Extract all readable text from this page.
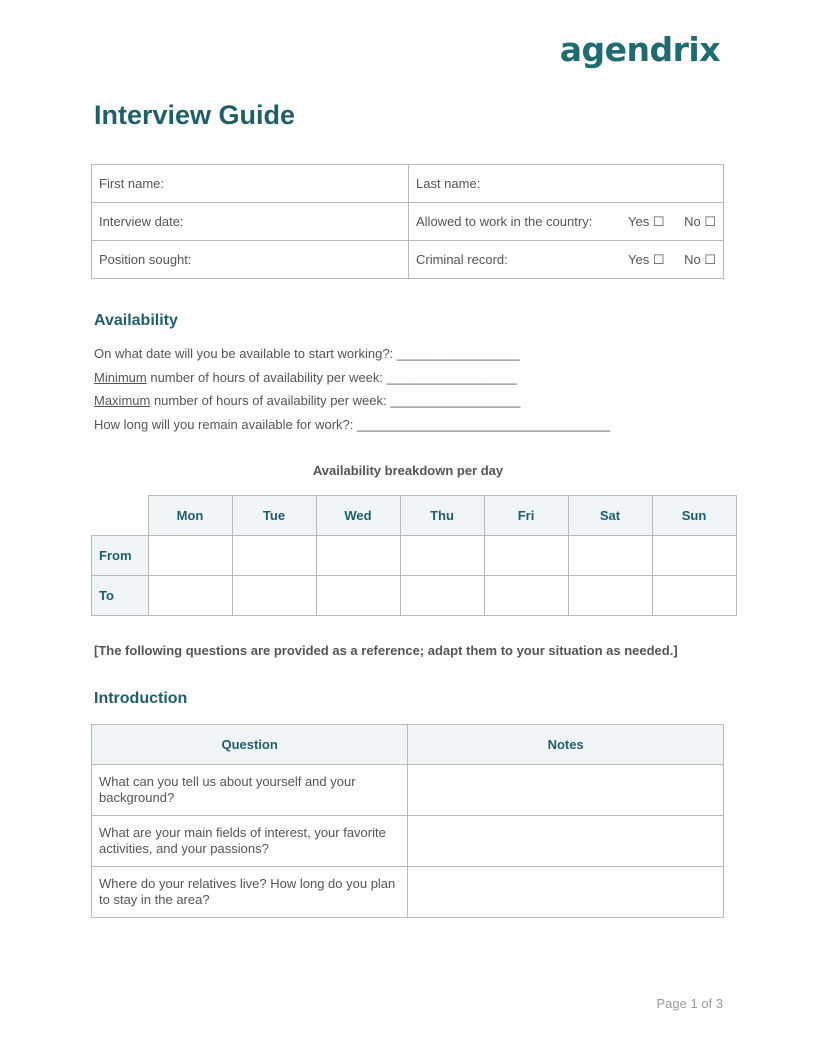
agendrix
Interview Guide
First name:	Last name:
Interview date:	Allowed to work in the country: Yes ☐ No ☐

Position sought:	Criminal record: Yes ☐ No ☐
Availability
On what date will you be available to start working?: _________________
Minimum number of hours of availability per week: __________________
Maximum number of hours of availability per week: __________________
How long will you remain available for work?: ___________________________________
Availability breakdown per day
	Mon	Tue	Wed	Thu	Fri	Sat	Sun
From							
To							
[The following questions are provided as a reference; adapt them to your situation as needed.]
Introduction
Question	Notes
What can you tell us about yourself and your background?	
What are your main fields of interest, your favorite activities, and your passions?	
Where do your relatives live? How long do you plan to stay in the area?	
Page 1 of 3
